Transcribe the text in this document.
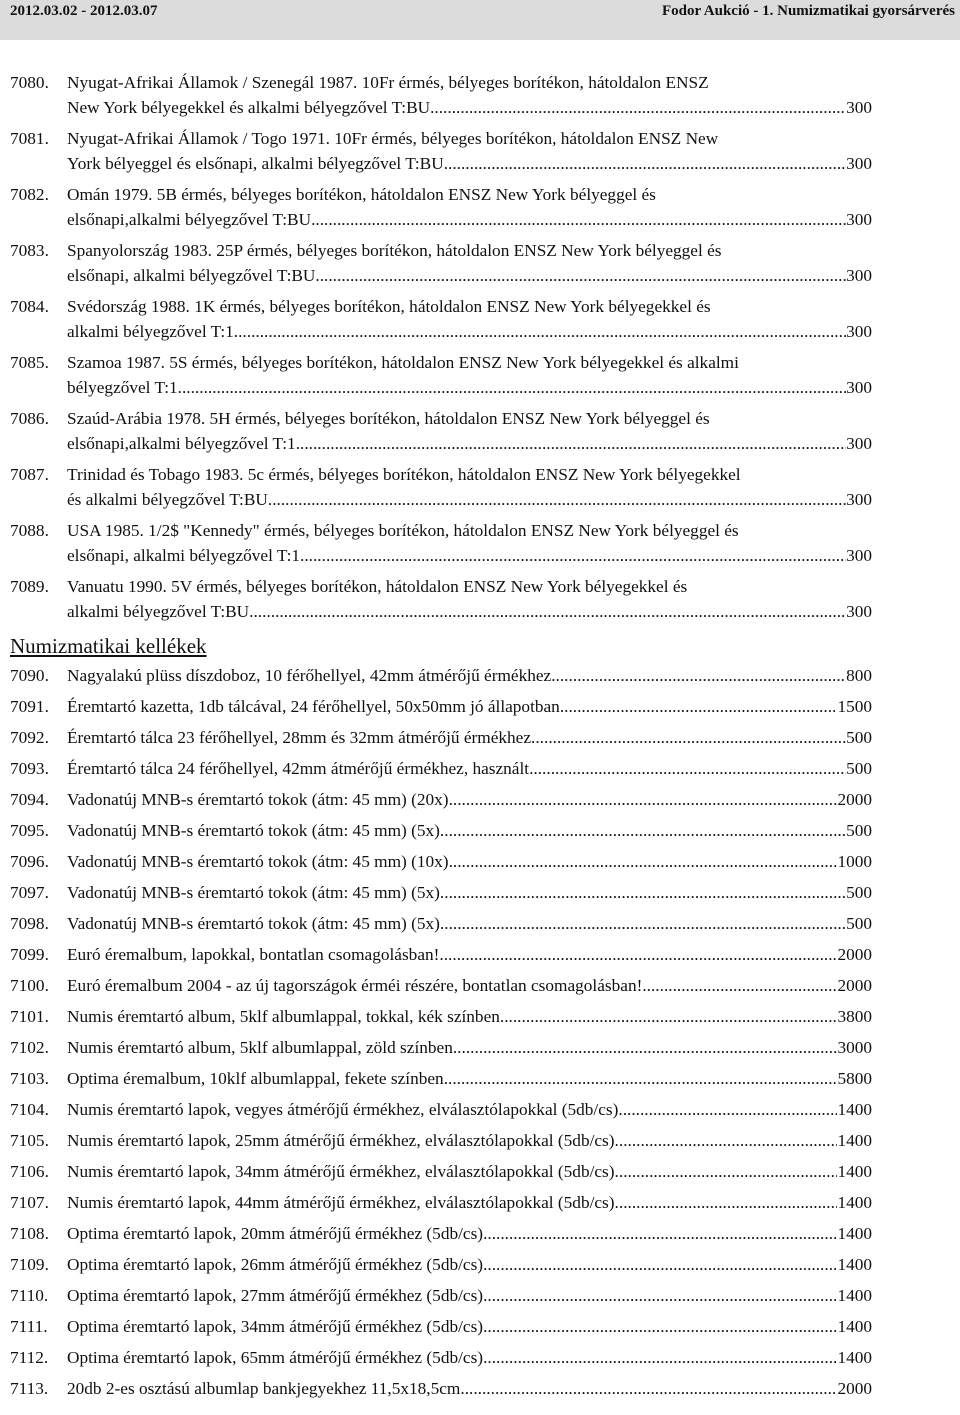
2012.03.02 - 2012.03.07	Fodor Aukció - 1. Numizmatikai gyorsárverés
7080.	Nyugat-Afrikai Államok / Szenegál 1987. 10Fr érmés, bélyeges borítékon, hátoldalon ENSZ
New York bélyegekkel és alkalmi bélyegzővel T:BU .....	300
7081.	Nyugat-Afrikai Államok / Togo 1971. 10Fr érmés, bélyeges borítékon, hátoldalon ENSZ New
York bélyeggel és elsőnapi, alkalmi bélyegzővel T:BU .....	300
7082.	Omán 1979. 5B érmés, bélyeges borítékon, hátoldalon ENSZ New York bélyeggel és
elsőnapi,alkalmi bélyegzővel T:BU .....	300
7083.	Spanyolország 1983. 25P érmés, bélyeges borítékon, hátoldalon ENSZ New York bélyeggel és
elsőnapi, alkalmi bélyegzővel T:BU .....	300
7084.	Svédország 1988. 1K érmés, bélyeges borítékon, hátoldalon ENSZ New York bélyegekkel és
alkalmi bélyegzővel T:1 .....	300
7085.	Szamoa 1987. 5S érmés, bélyeges borítékon, hátoldalon ENSZ New York bélyegekkel és alkalmi
bélyegzővel T:1 .....	300
7086.	Szaúd-Arábia 1978. 5H érmés, bélyeges borítékon, hátoldalon ENSZ New York bélyeggel és
elsőnapi,alkalmi bélyegzővel T:1 .....	300
7087.	Trinidad és Tobago 1983. 5c érmés, bélyeges borítékon, hátoldalon ENSZ New York bélyegekkel
és alkalmi bélyegzővel T:BU .....	300
7088.	USA 1985. 1/2$ "Kennedy" érmés, bélyeges borítékon, hátoldalon ENSZ New York bélyeggel és
elsőnapi, alkalmi bélyegzővel T:1 .....	300
7089.	Vanuatu 1990. 5V érmés, bélyeges borítékon, hátoldalon ENSZ New York bélyegekkel és
alkalmi bélyegzővel T:BU .....	300
Numizmatikai kellékek
7090.	Nagyalakú plüss díszdoboz, 10 férőhellyel, 42mm átmérőjű érmékhez .....	800
7091.	Éremtartó kazetta, 1db tálcával, 24 férőhellyel, 50x50mm jó állapotban .....	1500
7092.	Éremtartó tálca 23 férőhellyel, 28mm és 32mm átmérőjű érmékhez .....	500
7093.	Éremtartó tálca 24 férőhellyel, 42mm átmérőjű érmékhez, használt .....	500
7094.	Vadonatúj MNB-s éremtartó tokok (átm: 45 mm) (20x) .....	2000
7095.	Vadonatúj MNB-s éremtartó tokok (átm: 45 mm) (5x) .....	500
7096.	Vadonatúj MNB-s éremtartó tokok (átm: 45 mm) (10x) .....	1000
7097.	Vadonatúj MNB-s éremtartó tokok (átm: 45 mm) (5x) .....	500
7098.	Vadonatúj MNB-s éremtartó tokok (átm: 45 mm) (5x) .....	500
7099.	Euró éremalbum, lapokkal, bontatlan csomagolásban! .....	2000
7100.	Euró éremalbum 2004 - az új tagországok érméi részére, bontatlan csomagolásban! .....	2000
7101.	Numis éremtartó album, 5klf albumlappal, tokkal, kék színben .....	3800
7102.	Numis éremtartó album, 5klf albumlappal, zöld színben .....	3000
7103.	Optima éremalbum, 10klf albumlappal, fekete színben .....	5800
7104.	Numis éremtartó lapok, vegyes átmérőjű érmékhez, elválasztólapokkal (5db/cs) .....	1400
7105.	Numis éremtartó lapok, 25mm átmérőjű érmékhez, elválasztólapokkal (5db/cs) .....	1400
7106.	Numis éremtartó lapok, 34mm átmérőjű érmékhez, elválasztólapokkal (5db/cs) .....	1400
7107.	Numis éremtartó lapok, 44mm átmérőjű érmékhez, elválasztólapokkal (5db/cs) .....	1400
7108.	Optima éremtartó lapok, 20mm átmérőjű érmékhez (5db/cs) .....	1400
7109.	Optima éremtartó lapok, 26mm átmérőjű érmékhez (5db/cs) .....	1400
7110.	Optima éremtartó lapok, 27mm átmérőjű érmékhez (5db/cs) .....	1400
7111.	Optima éremtartó lapok, 34mm átmérőjű érmékhez (5db/cs) .....	1400
7112.	Optima éremtartó lapok, 65mm átmérőjű érmékhez (5db/cs) .....	1400
7113.	20db 2-es osztású albumlap bankjegyekhez 11,5x18,5cm .....	2000
